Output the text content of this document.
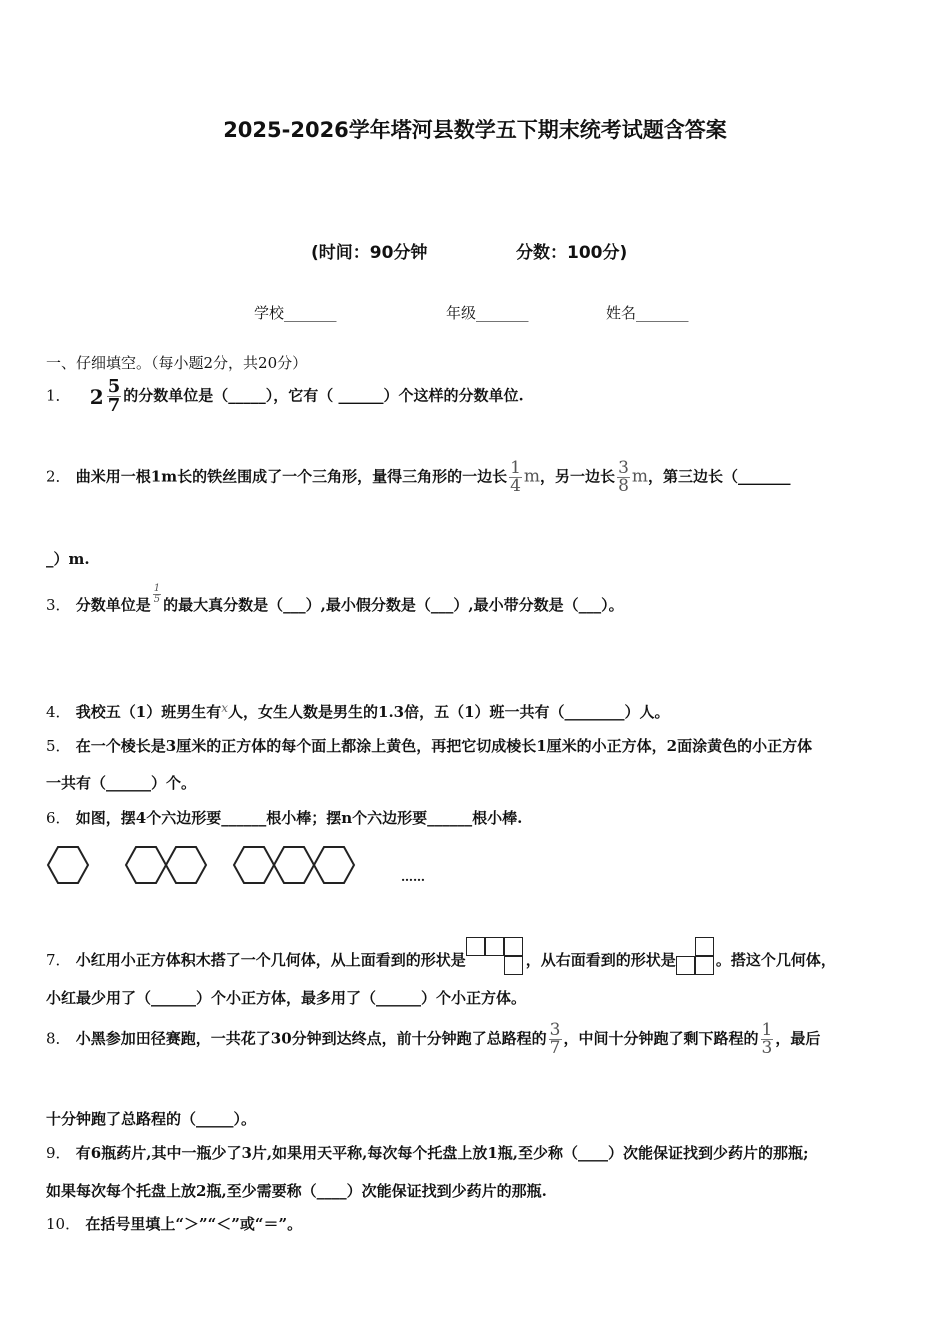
2025-2026学年塔河县数学五下期末统考试题含答案
(时间：90分钟	分数：100分)
学校_______	年级_______	姓名_______
一、仔细填空。（每小题2分，共20分）
1． $2 \frac{5}{7}$ 的分数单位是（_____），它有（ ______）个这样的分数单位.
2． 曲米用一根1m长的铁丝围成了一个三角形，量得三角形的一边长 $\frac{1}{4}$ m，另一边长 $\frac{3}{8}$ m，第三边长（_______
_）m.
3． 分数单位是
$\frac{1}{5}$
的最大真分数是（___）,最小假分数是（___）,最小带分数是（___）。
4． 我校五（1）班男生有$^x$人，女生人数是男生的1.3倍，五（1）班一共有（________）人。
5． 在一个棱长是3厘米的正方体的每个面上都涂上黄色，再把它切成棱长1厘米的小正方体，2面涂黄色的小正方体
一共有（______）个。
6． 如图，摆4个六边形要______根小棒；摆n个六边形要______根小棒.
……
7． 小红用小正方体积木搭了一个几何体，从上面看到的形状是	，从右面看到的形状是	。搭这个几何体，
小红最少用了（______）个小正方体，最多用了（______）个小正方体。
8． 小黑参加田径赛跑，一共花了30分钟到达终点，前十分钟跑了总路程的 $\frac{3}{7}$ ，中间十分钟跑了剩下路程的 $\frac{1}{3}$ ，最后
十分钟跑了总路程的（_____）。
9． 有6瓶药片,其中一瓶少了3片,如果用天平称,每次每个托盘上放1瓶,至少称（____）次能保证找到少药片的那瓶;
如果每次每个托盘上放2瓶,至少需要称（____）次能保证找到少药片的那瓶.
10． 在括号里填上“＞”“＜”或“＝”。
